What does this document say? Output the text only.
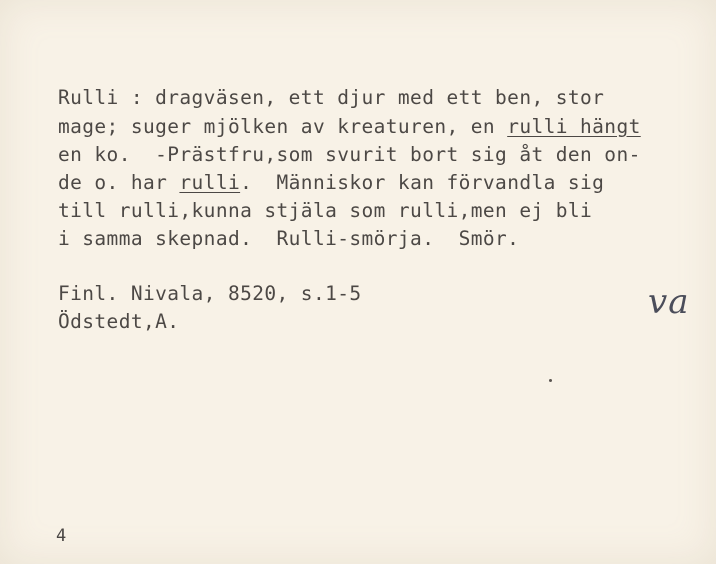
Rulli : dragväsen, ett djur med ett ben, stor
mage; suger mjölken av kreaturen, en rulli hängt
en ko.  -Prästfru,som svurit bort sig åt den on-
de o. har rulli.  Människor kan förvandla sig
till rulli,kunna stjäla som rulli,men ej bli
i samma skepnad.  Rulli-smörja.  Smör.
Finl. Nivala, 8520, s.1-5
Ödstedt,A.	va
4
